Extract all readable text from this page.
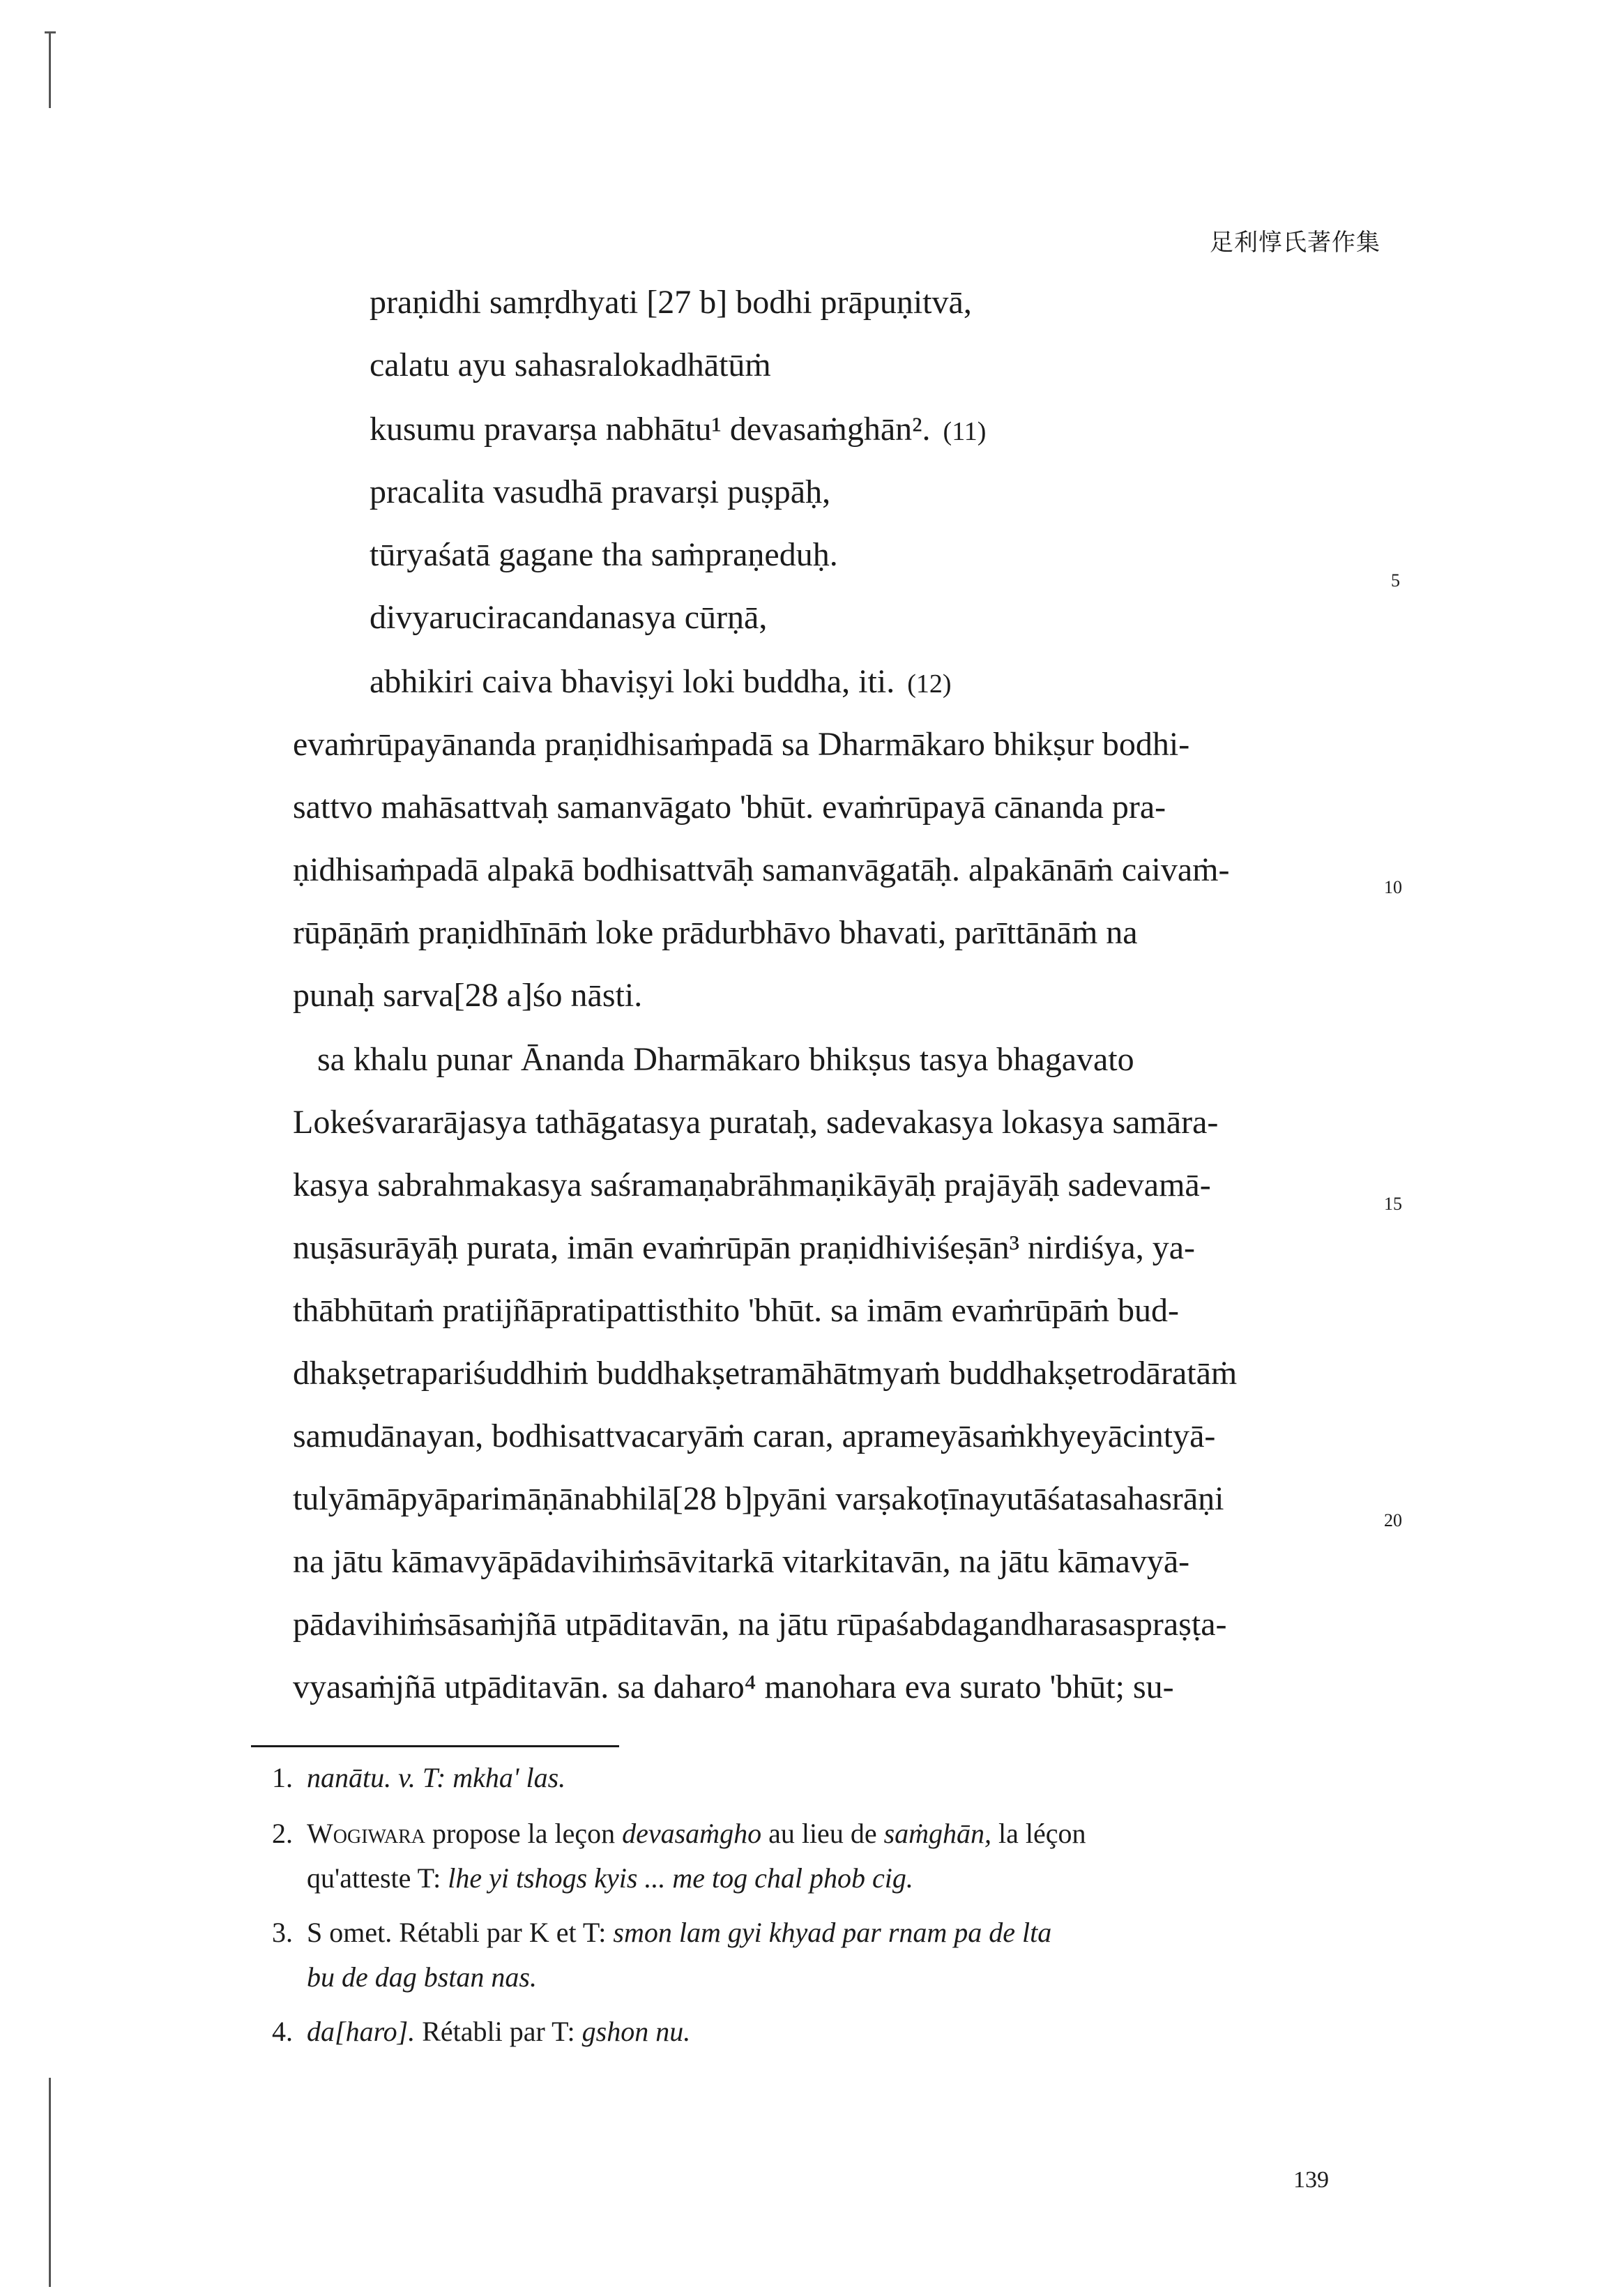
足利惇氏著作集
praṇidhi samṛdhyati [27 b] bodhi prāpuṇitvā,
calatu ayu sahasralokadhātūṁ
kusumu pravarṣa nabhātu¹ devasaṁghān². (11)
pracalita vasudhā pravarṣi puṣpāḥ,
tūryaśatā gagane tha saṁpraṇeduḥ.
divyaruciracandanasya cūrṇā,
abhikiri caiva bhaviṣyi loki buddha, iti. (12)
evaṁrūpayānanda praṇidhisaṁpadā sa Dharmākaro bhikṣur bodhi-
sattvo mahāsattvaḥ samanvāgato 'bhūt. evaṁrūpayā cānanda pra-
ṇidhisaṁpadā alpakā bodhisattvāḥ samanvāgatāḥ. alpakānāṁ caivaṁ-
rūpāṇāṁ praṇidhīnāṁ loke prādurbhāvo bhavati, parīttānāṁ na
punaḥ sarva[28 a]śo nāsti.
sa khalu punar Ānanda Dharmākaro bhikṣus tasya bhagavato
Lokeśvararājasya tathāgatasya purataḥ, sadevakasya lokasya samāra-
kasya sabrahmakasya saśramaṇabrāhmaṇikāyāḥ prajāyāḥ sadevamā-
nuṣāsurāyāḥ purata, imān evaṁrūpān praṇidhiviśeṣān³ nirdiśya, ya-
thābhūtaṁ pratijñāpratipattisthito 'bhūt. sa imām evaṁrūpāṁ bud-
dhakṣetrapariśuddhiṁ buddhakṣetramāhātmyaṁ buddhakṣetrodāratāṁ
samudānayan, bodhisattvacaryāṁ caran, aprameyāsaṁkhyeyācintyā-
tulyāmāpyāparimāṇānabhilā[28 b]pyāni varṣakoṭīnayutāśatasahasrāṇi
na jātu kāmavyāpādavihiṁsāvitarkā vitarkitavān, na jātu kāmavyā-
pādavihiṁsāsaṁjñā utpāditavān, na jātu rūpaśabdagandharasaspraṣṭa-
vyasaṁjñā utpāditavān. sa daharo⁴ manohara eva surato 'bhūt; su-
5
10
15
20
1. nanātu. v. T: mkha' las.
2. Wogiwara propose la leçon devasaṁgho au lieu de saṁghān, la léçon
qu'atteste T: lhe yi tshogs kyis ... me tog chal phob cig.
3. S omet. Rétabli par K et T: smon lam gyi khyad par rnam pa de lta
bu de dag bstan nas.
4. da[haro]. Rétabli par T: gshon nu.
139
